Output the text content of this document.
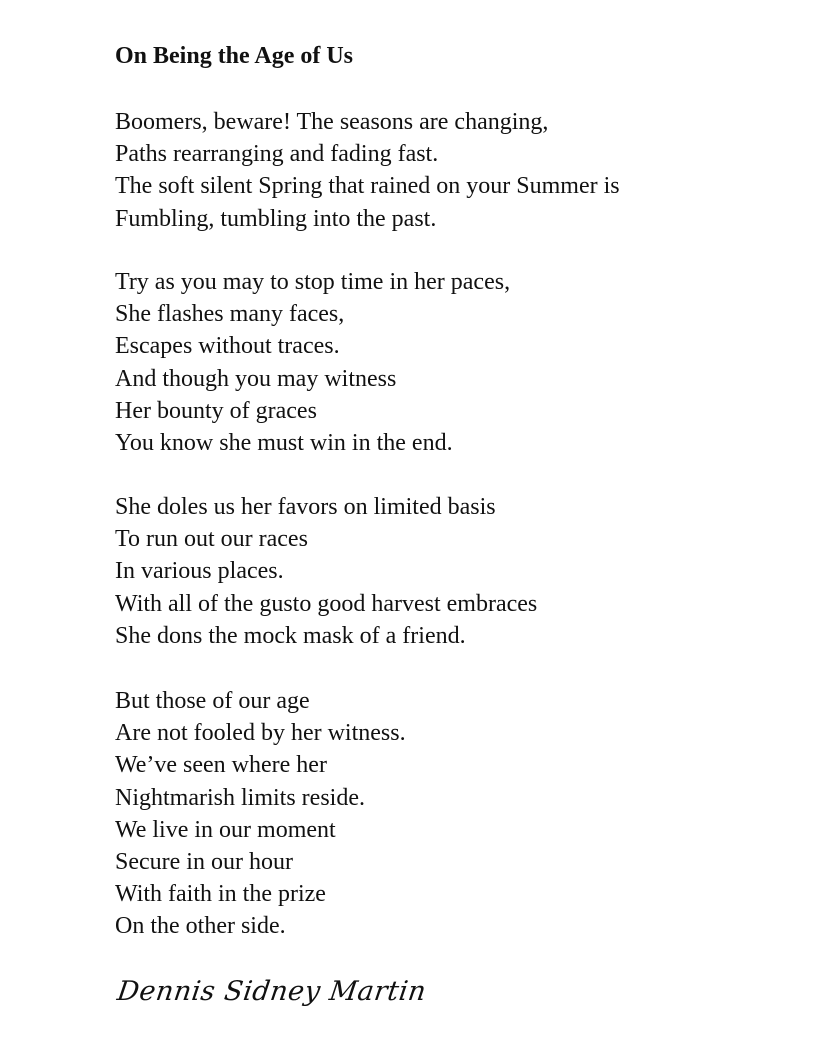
On Being the Age of Us
Boomers, beware! The seasons are changing,
Paths rearranging and fading fast.
The soft silent Spring that rained on your Summer is
Fumbling, tumbling into the past.
Try as you may to stop time in her paces,
She flashes many faces,
Escapes without traces.
And though you may witness
Her bounty of graces
You know she must win in the end.
She doles us her favors on limited basis
To run out our races
In various places.
With all of the gusto good harvest embraces
She dons the mock mask of a friend.
But those of our age
Are not fooled by her witness.
We’ve seen where her
Nightmarish limits reside.
We live in our moment
Secure in our hour
With faith in the prize
On the other side.
Dennis Sidney Martin
